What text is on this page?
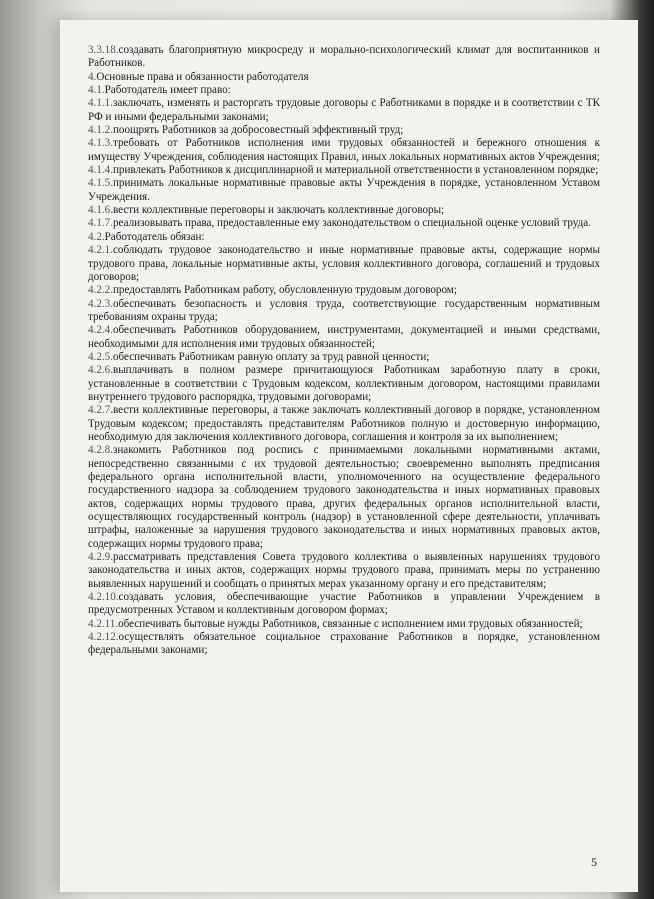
3.3.18.создавать благоприятную микросреду и морально-психологический климат для воспитанников и Работников.

4.Основные права и обязанности работодателя

4.1.Работодатель имеет право:

4.1.1.заключать, изменять и расторгать трудовые договоры с Работниками в порядке и в соответствии с ТК РФ и иными федеральными законами;

4.1.2.поощрять Работников за добросовестный эффективный труд;

4.1.3.требовать от Работников исполнения ими трудовых обязанностей и бережного отношения к имуществу Учреждения, соблюдения настоящих Правил, иных локальных нормативных актов Учреждения;

4.1.4.привлекать Работников к дисциплинарной и материальной ответственности в установленном порядке;

4.1.5.принимать локальные нормативные правовые акты Учреждения в порядке, установленном Уставом Учреждения.

4.1.6.вести коллективные переговоры и заключать коллективные договоры;

4.1.7.реализовывать права, предоставленные ему законодательством о специальной оценке условий труда.

4.2.Работодатель обязан:

4.2.1.соблюдать трудовое законодательство и иные нормативные правовые акты, содержащие нормы трудового права, локальные нормативные акты, условия коллективного договора, соглашений и трудовых договоров;

4.2.2.предоставлять Работникам работу, обусловленную трудовым договором;

4.2.3.обеспечивать безопасность и условия труда, соответствующие государственным нормативным требованиям охраны труда;

4.2.4.обеспечивать Работников оборудованием, инструментами, документацией и иными средствами, необходимыми для исполнения ими трудовых обязанностей;

4.2.5.обеспечивать Работникам равную оплату за труд равной ценности;

4.2.6.выплачивать в полном размере причитающуюся Работникам заработную плату в сроки, установленные в соответствии с Трудовым кодексом, коллективным договором, настоящими правилами внутреннего трудового распорядка, трудовыми договорами;

4.2.7.вести коллективные переговоры, а также заключать коллективный договор в порядке, установленном Трудовым кодексом; предоставлять представителям Работников полную и достоверную информацию, необходимую для заключения коллективного договора, соглашения и контроля за их выполнением;

4.2.8.знакомить Работников под роспись с принимаемыми локальными нормативными актами, непосредственно связанными с их трудовой деятельностью; своевременно выполнять предписания федерального органа исполнительной власти, уполномоченного на осуществление федерального государственного надзора за соблюдением трудового законодательства и иных нормативных правовых актов, содержащих нормы трудового права, других федеральных органов исполнительной власти, осуществляющих государственный контроль (надзор) в установленной сфере деятельности, уплачивать штрафы, наложенные за нарушения трудового законодательства и иных нормативных правовых актов, содержащих нормы трудового права;

4.2.9.рассматривать представления Совета трудового коллектива о выявленных нарушениях трудового законодательства и иных актов, содержащих нормы трудового права, принимать меры по устранению выявленных нарушений и сообщать о принятых мерах указанному органу и его представителям;

4.2.10.создавать условия, обеспечивающие участие Работников в управлении Учреждением в предусмотренных Уставом и коллективным договором формах;

4.2.11.обеспечивать бытовые нужды Работников, связанные с исполнением ими трудовых обязанностей;

4.2.12.осуществлять обязательное социальное страхование Работников в порядке, установленном федеральными законами;

5
